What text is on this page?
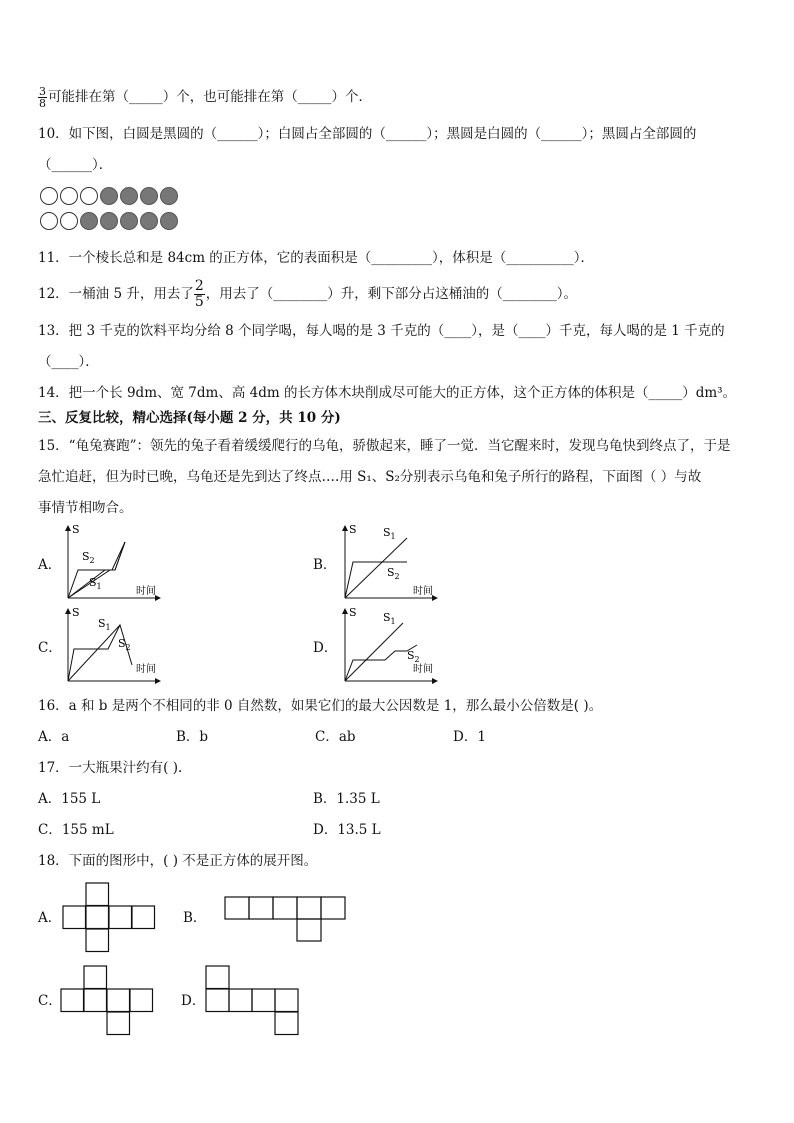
$\frac{3}{8}$ 可能排在第（_____）个，也可能排在第（_____）个．
10．如下图，白圆是黑圆的（______）；白圆占全部圆的（______）；黑圆是白圆的（______）；黑圆占全部圆的
（______）．
11．一个棱长总和是 84cm 的正方体，它的表面积是（_________），体积是（__________）．
12．一桶油 5 升，用去了 $\frac{2}{5}$ ，用去了（________）升，剩下部分占这桶油的（________）。
13．把 3 千克的饮料平均分给 8 个同学喝，每人喝的是 3 千克的（____），是（____）千克，每人喝的是 1 千克的
（____）．
14．把一个长 9dm、宽 7dm、高 4dm 的长方体木块削成尽可能大的正方体，这个正方体的体积是（_____）dm³。
三、反复比较，精心选择(每小题 2 分，共 10 分)
15．“龟兔赛跑”：领先的兔子看着缓缓爬行的乌龟，骄傲起来，睡了一觉．当它醒来时，发现乌龟快到终点了，于是
急忙追赶，但为时已晚，乌龟还是先到达了终点….用 S₁、S₂分别表示乌龟和兔子所行的路程，下面图（ ）与故
事情节相吻合。
A．	B．
C．	D．
S
时间
$S_2$
$S_1$
S
时间
$S_1$
$S_2$
S
时间
$S_1$
$S_2$
S
时间
$S_1$
$S_2$
16．a 和 b 是两个不相同的非 0 自然数，如果它们的最大公因数是 1，那么最小公倍数是( )。
A．a	B．b	C．ab	D．1
17．一大瓶果汁约有( ).
A．155 L	B．1.35 L
C．155 mL	D．13.5 L
18．下面的图形中，( ) 不是正方体的展开图。
A．	B．
C．	D．
